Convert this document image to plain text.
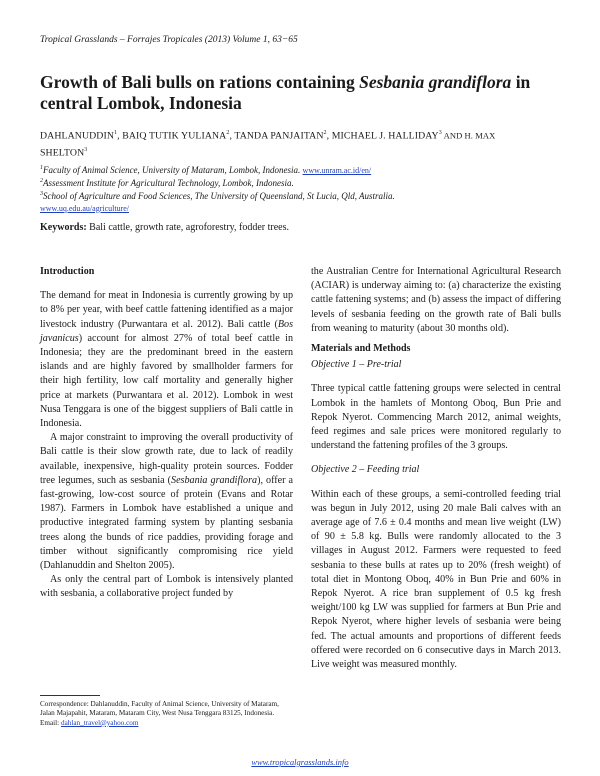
Tropical Grasslands – Forrajes Tropicales (2013) Volume 1, 63−65
Growth of Bali bulls on rations containing Sesbania grandiflora in central Lombok, Indonesia
DAHLANUDDIN$^1$, BAIQ TUTIK YULIANA$^2$, TANDA PANJAITAN$^2$, MICHAEL J. HALLIDAY$^3$ AND H. MAX
SHELTON$^3$
$^1$Faculty of Animal Science, University of Mataram, Lombok, Indonesia. www.unram.ac.id/en/
$^2$Assessment Institute for Agricultural Technology, Lombok, Indonesia.
$^3$School of Agriculture and Food Sciences, The University of Queensland, St Lucia, Qld, Australia.
www.uq.edu.au/agriculture/
Keywords: Bali cattle, growth rate, agroforestry, fodder trees.

Introduction

The demand for meat in Indonesia is currently growing by up to 8% per year, with beef cattle fattening identified as a major livestock industry (Purwantara et al. 2012). Bali cattle (Bos javanicus) account for almost 27% of total beef cattle in Indonesia; they are the predominant breed in the eastern islands and are highly favored by smallholder farmers for their high fertility, low calf mortality and generally higher price at markets (Purwantara et al. 2012). Lombok in west Nusa Tenggara is one of the biggest suppliers of Bali cattle in Indonesia.

A major constraint to improving the overall productivity of Bali cattle is their slow growth rate, due to lack of readily available, inexpensive, high-quality protein sources. Fodder tree legumes, such as sesbania (Sesbania grandiflora), offer a fast-growing, low-cost source of protein (Evans and Rotar 1987). Farmers in Lombok have established a unique and productive integrated farming system by planting sesbania trees along the bunds of rice paddies, providing forage and timber without significantly compromising rice yield (Dahlanuddin and Shelton 2005).

As only the central part of Lombok is intensively planted with sesbania, a collaborative project funded by

the Australian Centre for International Agricultural Research (ACIAR) is underway aiming to: (a) characterize the existing cattle fattening systems; and (b) assess the impact of differing levels of sesbania feeding on the growth rate of Bali bulls from weaning to maturity (about 30 months old).

Materials and Methods

Objective 1 – Pre-trial

Three typical cattle fattening groups were selected in central Lombok in the hamlets of Montong Oboq, Bun Prie and Repok Nyerot. Commencing March 2012, animal weights, feed regimes and sale prices were monitored regularly to understand the fattening profiles of the 3 groups.

Objective 2 – Feeding trial

Within each of these groups, a semi-controlled feeding trial was begun in July 2012, using 20 male Bali calves with an average age of 7.6 ± 0.4 months and mean live weight (LW) of 90 ± 5.8 kg. Bulls were randomly allocated to the 3 villages in August 2012. Farmers were requested to feed sesbania to these bulls at rates up to 20% (fresh weight) of total diet in Montong Oboq, 40% in Bun Prie and 60% in Repok Nyerot. A rice bran supplement of 0.5 kg fresh weight/100 kg LW was supplied for farmers at Bun Prie and Repok Nyerot, where higher levels of sesbania were being fed. The actual amounts and proportions of different feeds offered were recorded on 6 consecutive days in March 2013. Live weight was measured monthly.

Correspondence: Dahlanuddin, Faculty of Animal Science, University of Mataram, Jalan Majapahit, Mataram, Mataram City, West Nusa Tenggara 83125, Indonesia.
Email: dahlan_travel@yahoo.com
www.tropicalgrasslands.info
